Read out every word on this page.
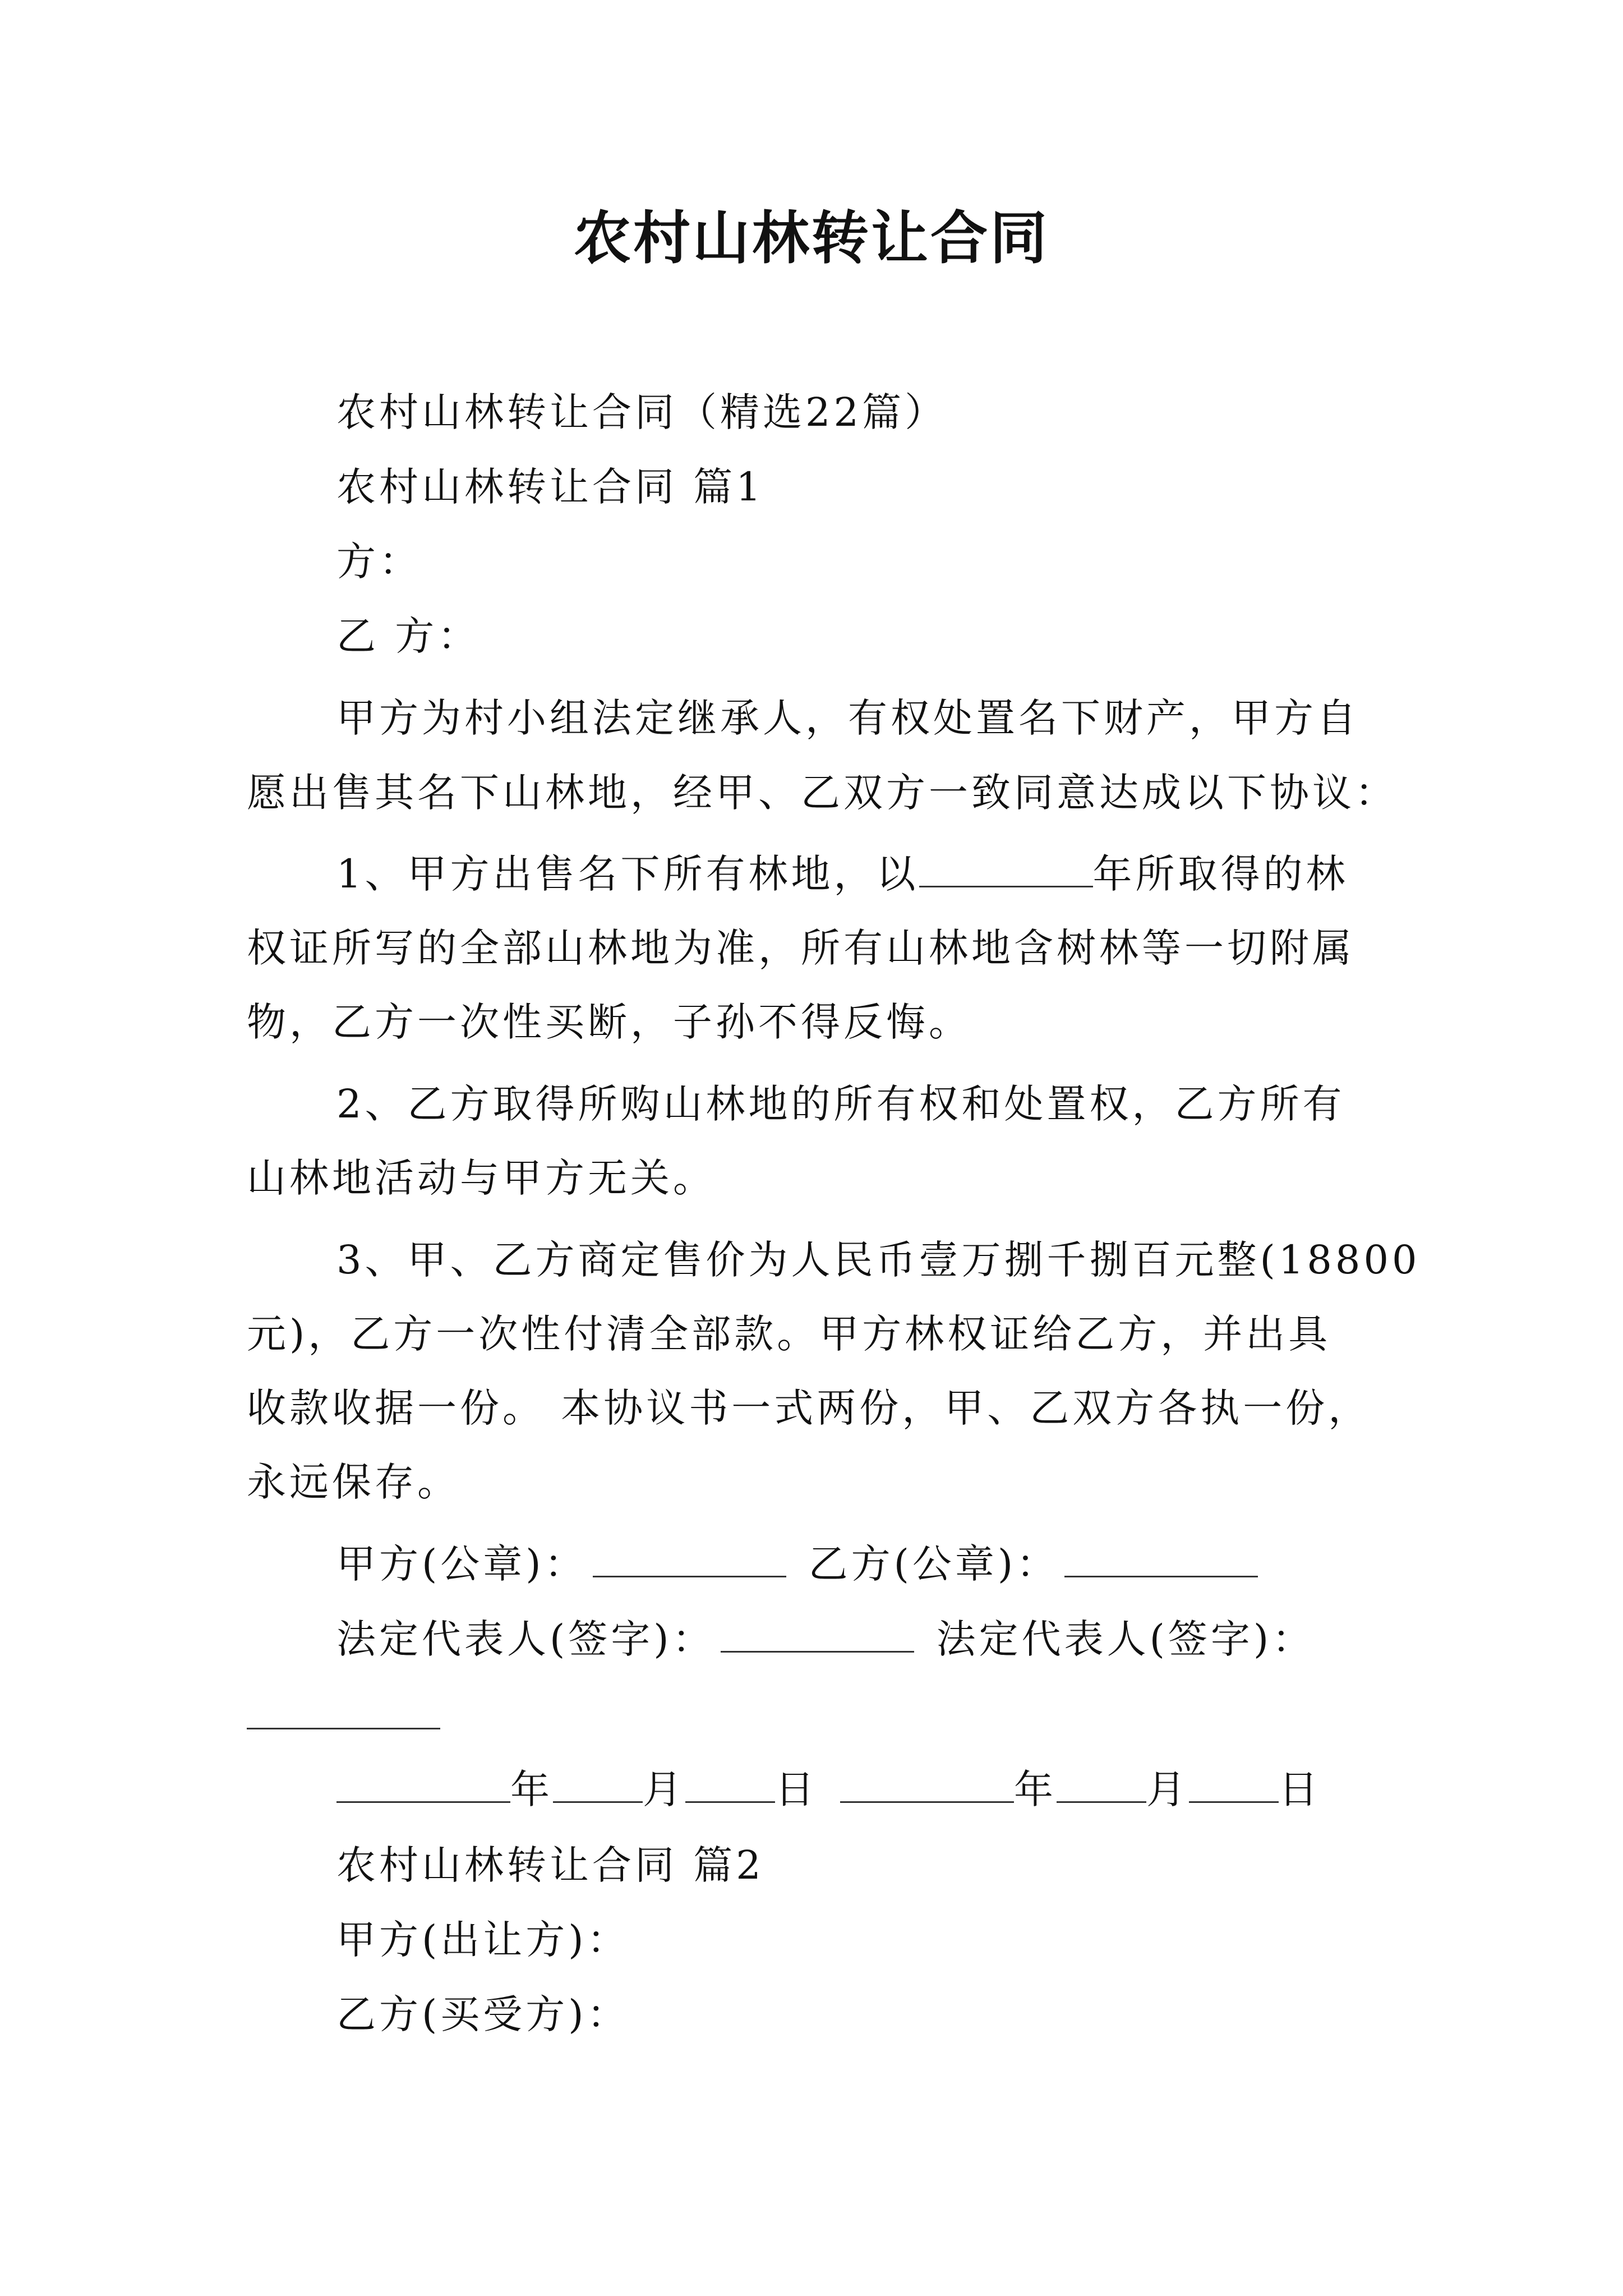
农村山林转让合同
农村山林转让合同（精选22篇）
农村山林转让合同 篇1
方：
乙 方：
甲方为村小组法定继承人，有权处置名下财产，甲方自
愿出售其名下山林地，经甲、乙双方一致同意达成以下协议：
1、甲方出售名下所有林地，以	年所取得的林
权证所写的全部山林地为准，所有山林地含树林等一切附属
物，乙方一次性买断，子孙不得反悔。
2、乙方取得所购山林地的所有权和处置权，乙方所有
山林地活动与甲方无关。
3、甲、乙方商定售价为人民币壹万捌千捌百元整(18800
元)，乙方一次性付清全部款。甲方林权证给乙方，并出具
收款收据一份。 本协议书一式两份，甲、乙双方各执一份，
永远保存。
甲方(公章)：	乙方(公章)：
法定代表人(签字)：	法定代表人(签字)：
年 月 日	年 月 日
农村山林转让合同 篇2
甲方(出让方)：
乙方(买受方)：
